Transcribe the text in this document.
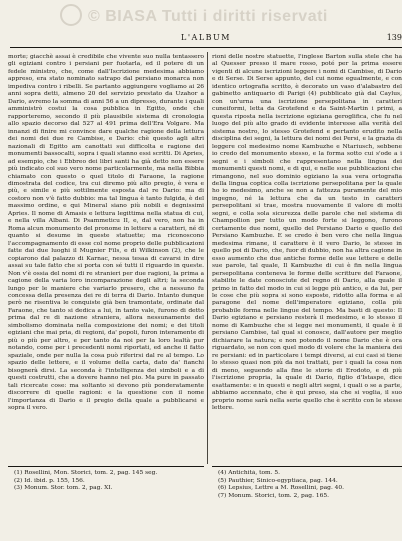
© BIASA Tutti i diritti riservati
L'ALBUM	139

morte; giacchè assai è credibile che vivente suo nulla tentassero gli egiziani contro i persiani per fuotarla, ed il potere di un fedele ministro, che, come dall'Iscrizione medesima abbiamo appreso, era stato nominato satrapo dal persiano monarca non impediva contro i ribelli. Se partanto aggiungere vogliamo ai 26 anni sopra detti, almeno 20 del servizio prestato da Uzahor a Dario, avremo la somma di anni 56 a un dipresso, durante i quali amministrò costui la cosa pubblica in Egitto, onde che rapporteremo, secondo il più plausibile sistema di cronologia allo spazio decorso dal 527 al 491 prima dell'Era Volgare. Ma innanzi di finire mi convince dare qualche ragione della lettura dei nomi dei due re Cambise, e Dario: chè questo agli altri nazionali di Egitto am canottati sui difficolta e ragione dei monumenti bassocalti, sopra i quali stanno essi scritti. Di Apries, ad esempio, che i Ebbreo dei libri santi ha già detto non essere più indicato col suo vero nome particolarmente, ma nella Bibbia chiamato con questo o quel titolo di Faraone, la ragione dimostrata del codice, tra cui diremo più alto pregio, è vera e più, e simile e più sottilmente esposta dal re Dario: ma di costoro non v'è fatto dubbio: ma tal lingua è tanto fulgida, è del massimo ordine, e qui Mineral siano più nobili e degnissimi Apries. Il nome di Amasis e lettura legittima nella statua di cui, e nella villa Albani. Di Psammeticu II, e, dal vero, non ha in Roma alcun monumento del pronome in lettere a caratteri, né di quanto si desume in queste statuette; ma riconoscono l'accompagnamento di esse col nome proprio delle pubblicazioni fatte dai due luoghi il Mugnier Fils, e di Wilkinson (2), che le copiarono dal palazzo di Karnac, nessa tesaa di cavarsi in dire assai su tale fatto che si porta con sé tutti il riguardo in queste. Non v'è ossia del nomi di re stranieri per due ragioni, la prima a cagione della varia loro incomparazione degli altri; la seconda lungo per le maniere che variarlo presero, che a nessuno fu concessa della presenza dei re di terra di Dario. Intanto dunque però ne risentiva le conquiste già ben tramontate, ordinate dal Faraone, che tanto si dedica a lui, in tanto vale, furono di detto prima dal re di nazione straniera, allora nessunamente del simbolismo dominata nella composizione dei nomi; e dei titoli egiziani che mai pria, di regioni, da' popoli, furon interamente di più o più per altro, e per tanto da noi per la loro lealtà pur notando, come per i precedenti nomi riportati, ed anche il fatto spaziale, onde per nulla la cosa può riferirsi dal re al tempo. Lo spazio delle lettere, e il volume della carta, dato da' fianchi bisognerà dirsi. La seconda è l'intelligenza dei simboli e a di questi costrutti, che a dovere hanno nel pio. Ma pure in passato tali ricercate cose: ma soltanto si devono più ponderatamente discorrere di quelle ragioni: e la questione con il nome l'importanza di Dario e il pregio della quale a pubblicarsi e sopra il vero.

rioni delle nostre statuette, l'inglese Barton sulla stele che ha al Quesser presso il mare rosso, poté per la prima essere vigenti di alcune iscrizioni leggere i nomi di Cambise, di Dario e di Serse. Di Serse appunto, del cui nome egualmente, e con identico ortografia scritto, è decorato un vaso d'alabastro del gabinetto antiquario di Parigi (4) pubblicato già dal Caylus, con un'urna una iscrizione persepolitana in caratteri cuneiformi, letta da Grotefend e da Saint-Martin i primi, a questa riposta nella iscrizione egiziana geroglifica, che fu nel luogo del più alto grado di evidente interesse alla verità del sistema nostro, lo stesso Grotefend e pertanto erudito nella disciplina dei segni, la lettura dei nomi dei Persi, e la grazia di leggere col medesimo nome Kambuzhe e Ntariusch, sebbene io credo del monumento stesso, e la forma sotto cui s'ode a i segni e i simboli che rappresentano nella lingua dei monumenti questi nomi, e di qui, e nelle sue pubblicazioni che rimangono, nel suo dominio egiziano la sua vera ortografia della lingua coptica colla iscrizione persepolitana per la quale ho io medesimo, anche se non a fattezza puramente del mio ingegno, né la lettura che da un testo in caratteri persepolitani si trae, mostra nuovamente il valore di molti segni, e colla sola sicurezza delle parole che nel sistema di Champollion per tutto un modo forte si leggono, furono certamente due nomi, quello del Persiano Dario e quello del Persiano Kambuzhe. E se credo è ben vero che nella lingua medesima rimane, il carattere è il vero Dario, le stesse in quello poi di Dario, che, fuor di dubbio, non ha altra cagione in esso aumento che due antiche forme delle sue lettere e delle sue parole, tal quale, Il Kambuzhe di cui è fin nella lingua persepolitana conteneva le forme delle scritture del Faraone, stabilite le date conosciute del regno di Dario, alla quale il primo in fatto del modo in cui si legge più antico, e da lui, per le cose che più sopra si sono esposte, ridotto alla forma e al paragone del nome dell'imperatore egiziano, colla più probabile forma nelle lingue del tempo. Ma basti di questo: Il Dario egiziano e persiano resterà il medesimo, e lo stesso il nome di Kambuzhe che si legge nei monumenti, il quale è il persiano Cambise, tal qual si conosce, dall'autore per meglio dichiarare la natura; e non potendo il nome Dario che è ora riguardato, se non con quel modo di volere che la maniera dei re persiani: ed in particolare i tempi diversi, ai cui casi si tiene lo stesso quasi non più da noi trattati, per i quali la cosa non di meno, seguendo alla fine le storie di Erodoto, e di più l'iscrizione propria, la quale di Dario, figlio d'Istaspe, dice esattamente: e in questi e negli altri segni, i quali o se a parte, abbiamo accennato, che è qui preso, sia che si voglia, il suo proprio nome sarà nella serie quello che è scritto con le stesse lettere.

(1) Rosellini, Mon. Storici, tom. 2, pag. 145 seg.
(2) Id. ibid. p. 155, 156.
(3) Monum. Stor. tom. 2, pag. XI.
(4) Antichità, tom. 5.
(5) Pauthier, Sinico-egyptiaca, pag. 144.
(6) Lepsius, Lettre a M. Rosellini, pag. 40.
(7) Monum. Storici, tom. 2, pag. 165.
